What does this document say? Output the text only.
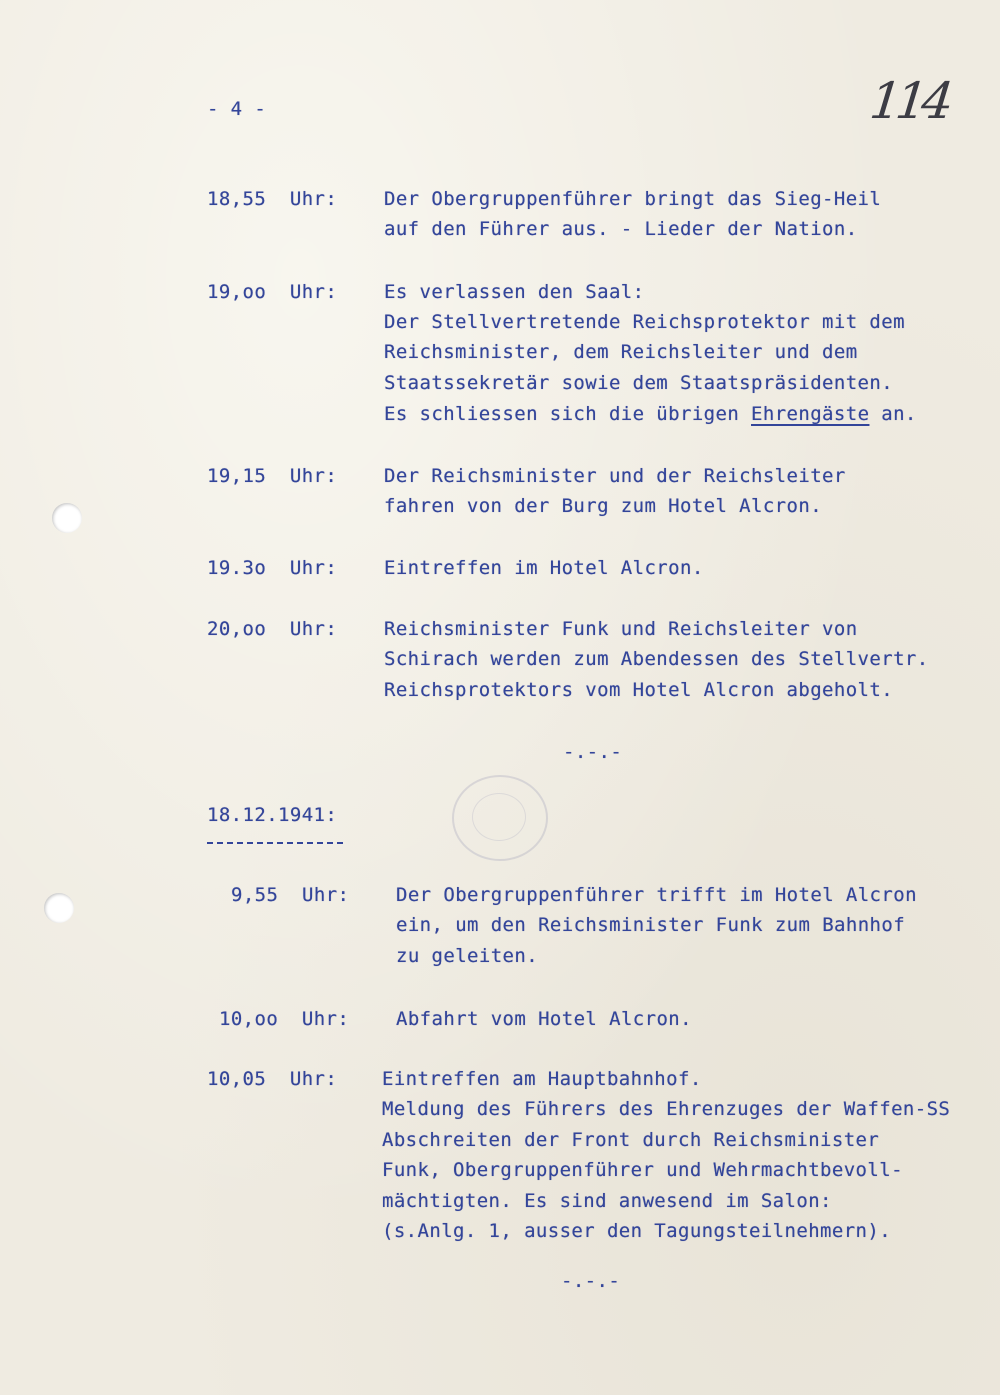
- 4 -	114
18,55  Uhr: Der Obergruppenführer bringt das Sieg-Heil
auf den Führer aus. - Lieder der Nation.
19,oo  Uhr: Es verlassen den Saal:
Der Stellvertretende Reichsprotektor mit dem
Reichsminister, dem Reichsleiter und dem
Staatssekretär sowie dem Staatspräsidenten.
Es schliessen sich die übrigen Ehrengäste an.
19,15  Uhr: Der Reichsminister und der Reichsleiter
fahren von der Burg zum Hotel Alcron.
19.3o  Uhr: Eintreffen im Hotel Alcron.
20,oo  Uhr: Reichsminister Funk und Reichsleiter von
Schirach werden zum Abendessen des Stellvertr.
Reichsprotektors vom Hotel Alcron abgeholt.
-.-.-
18.12.1941:
9,55  Uhr: Der Obergruppenführer trifft im Hotel Alcron
ein, um den Reichsminister Funk zum Bahnhof
zu geleiten.
10,oo  Uhr: Abfahrt vom Hotel Alcron.
10,05  Uhr: Eintreffen am Hauptbahnhof.
Meldung des Führers des Ehrenzuges der Waffen-SS
Abschreiten der Front durch Reichsminister
Funk, Obergruppenführer und Wehrmachtbevoll-
mächtigten. Es sind anwesend im Salon:
(s.Anlg. 1, ausser den Tagungsteilnehmern).
-.-.-
